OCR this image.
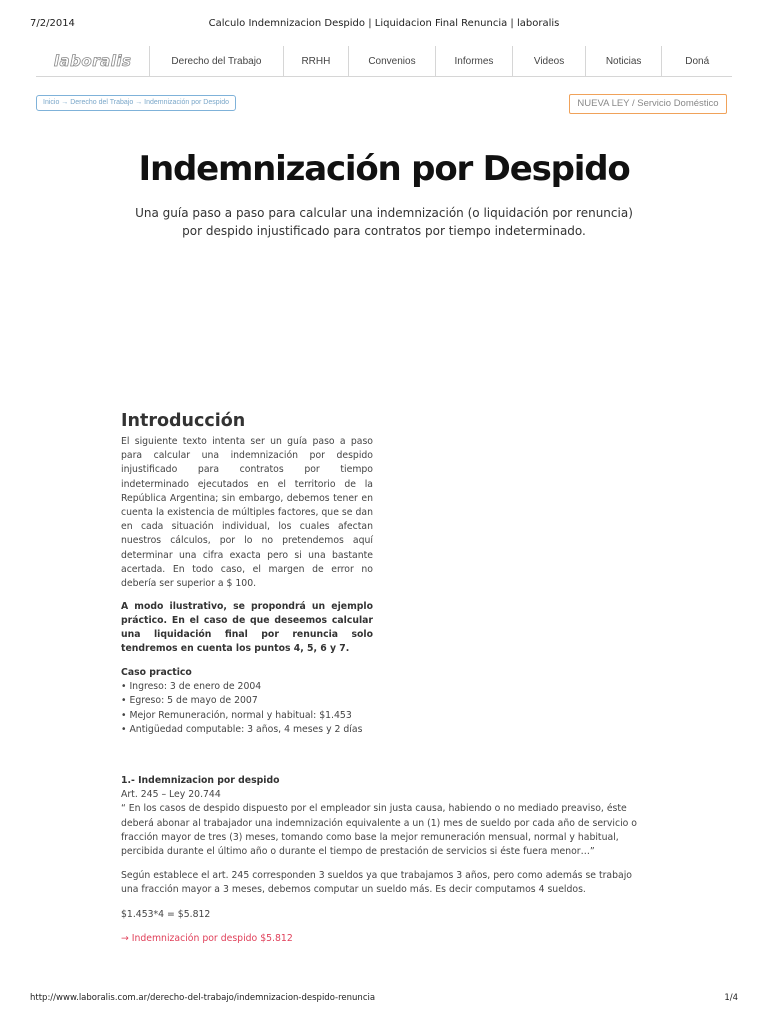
7/2/2014	Calculo Indemnizacion Despido | Liquidacion Final Renuncia | laboralis
laboralis	Derecho del Trabajo	RRHH	Convenios	Informes	Videos	Noticias	Doná
Inicio → Derecho del Trabajo → Indemnización por Despido	NUEVA LEY / Servicio Doméstico
Indemnización por Despido
Una guía paso a paso para calcular una indemnización (o liquidación por renuncia)
por despido injustificado para contratos por tiempo indeterminado.
Introducción
El siguiente texto intenta ser un guía paso a paso para calcular una indemnización por despido injustificado para contratos por tiempo indeterminado ejecutados en el territorio de la República Argentina; sin embargo, debemos tener en cuenta la existencia de múltiples factores, que se dan en cada situación individual, los cuales afectan nuestros cálculos, por lo no pretendemos aquí determinar una cifra exacta pero si una bastante acertada. En todo caso, el margen de error no debería ser superior a $ 100.
A modo ilustrativo, se propondrá un ejemplo práctico. En el caso de que deseemos calcular una liquidación final por renuncia solo tendremos en cuenta los puntos 4, 5, 6 y 7.
Caso practico
• Ingreso: 3 de enero de 2004
• Egreso: 5 de mayo de 2007
• Mejor Remuneración, normal y habitual: $1.453
• Antigüedad computable: 3 años, 4 meses y 2 días
1.- Indemnizacion por despido
Art. 245 – Ley 20.744
“ En los casos de despido dispuesto por el empleador sin justa causa, habiendo o no mediado preaviso, éste deberá abonar al trabajador una indemnización equivalente a un (1) mes de sueldo por cada año de servicio o fracción mayor de tres (3) meses, tomando como base la mejor remuneración mensual, normal y habitual, percibida durante el último año o durante el tiempo de prestación de servicios si éste fuera menor…”
Según establece el art. 245 corresponden 3 sueldos ya que trabajamos 3 años, pero como además se trabajo una fracción mayor a 3 meses, debemos computar un sueldo más. Es decir computamos 4 sueldos.
$1.453*4 = $5.812
→ Indemnización por despido $5.812
http://www.laboralis.com.ar/derecho-del-trabajo/indemnizacion-despido-renuncia	1/4
